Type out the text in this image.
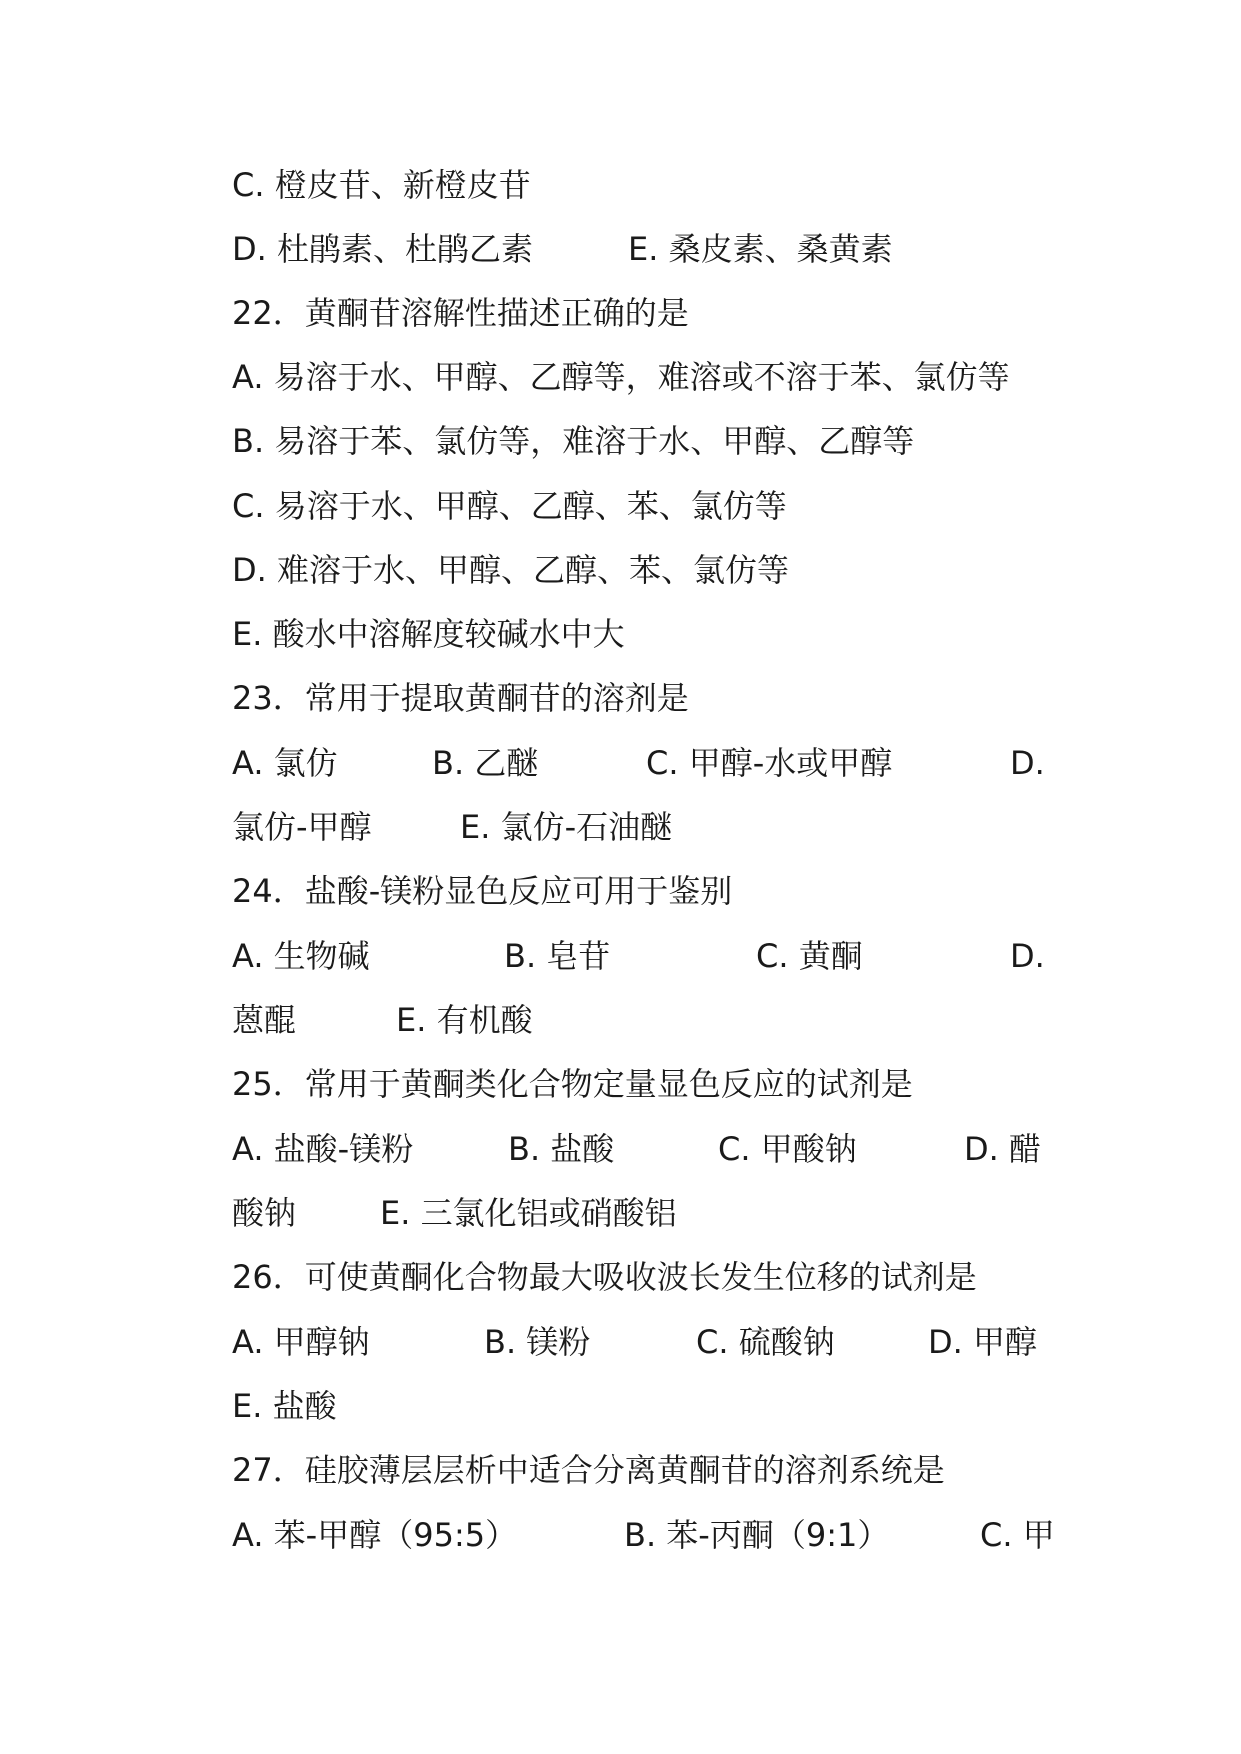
C. 橙皮苷、新橙皮苷
D. 杜鹃素、杜鹃乙素	E. 桑皮素、桑黄素
22．黄酮苷溶解性描述正确的是
A. 易溶于水、甲醇、乙醇等，难溶或不溶于苯、氯仿等
B. 易溶于苯、氯仿等，难溶于水、甲醇、乙醇等
C. 易溶于水、甲醇、乙醇、苯、氯仿等
D. 难溶于水、甲醇、乙醇、苯、氯仿等
E. 酸水中溶解度较碱水中大
23．常用于提取黄酮苷的溶剂是
A. 氯仿	B. 乙醚	C. 甲醇-水或甲醇	D.
氯仿-甲醇	E. 氯仿-石油醚
24．盐酸-镁粉显色反应可用于鉴别
A. 生物碱	B. 皂苷	C. 黄酮	D.
蒽醌	E. 有机酸
25．常用于黄酮类化合物定量显色反应的试剂是
A. 盐酸-镁粉	B. 盐酸	C. 甲酸钠	D. 醋
酸钠	E. 三氯化铝或硝酸铝
26．可使黄酮化合物最大吸收波长发生位移的试剂是
A. 甲醇钠	B. 镁粉	C. 硫酸钠	D. 甲醇
E. 盐酸
27．硅胶薄层层析中适合分离黄酮苷的溶剂系统是
A. 苯-甲醇（95:5）	B. 苯-丙酮（9:1）	C. 甲
